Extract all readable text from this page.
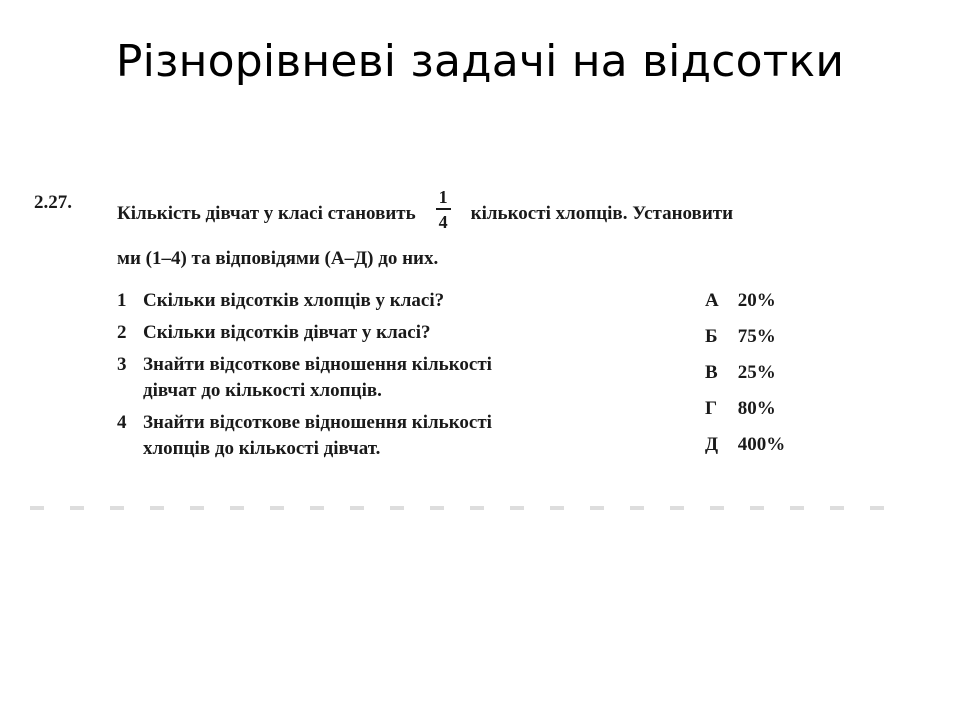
Різнорівневі задачі на відсотки
2.27. Кількість дівчат у класі становить $\frac{1}{4}$ кількості хлопців. Установити
ми (1–4) та відповідями (А–Д) до них.
1 Скільки відсотків хлопців у класі?
2 Скільки відсотків дівчат у класі?
3 Знайти відсоткове відношення кількості
дівчат до кількості хлопців.
4 Знайти відсоткове відношення кількості
хлопців до кількості дівчат.
А 20%
Б 75%
В 25%
Г 80%
Д 400%
